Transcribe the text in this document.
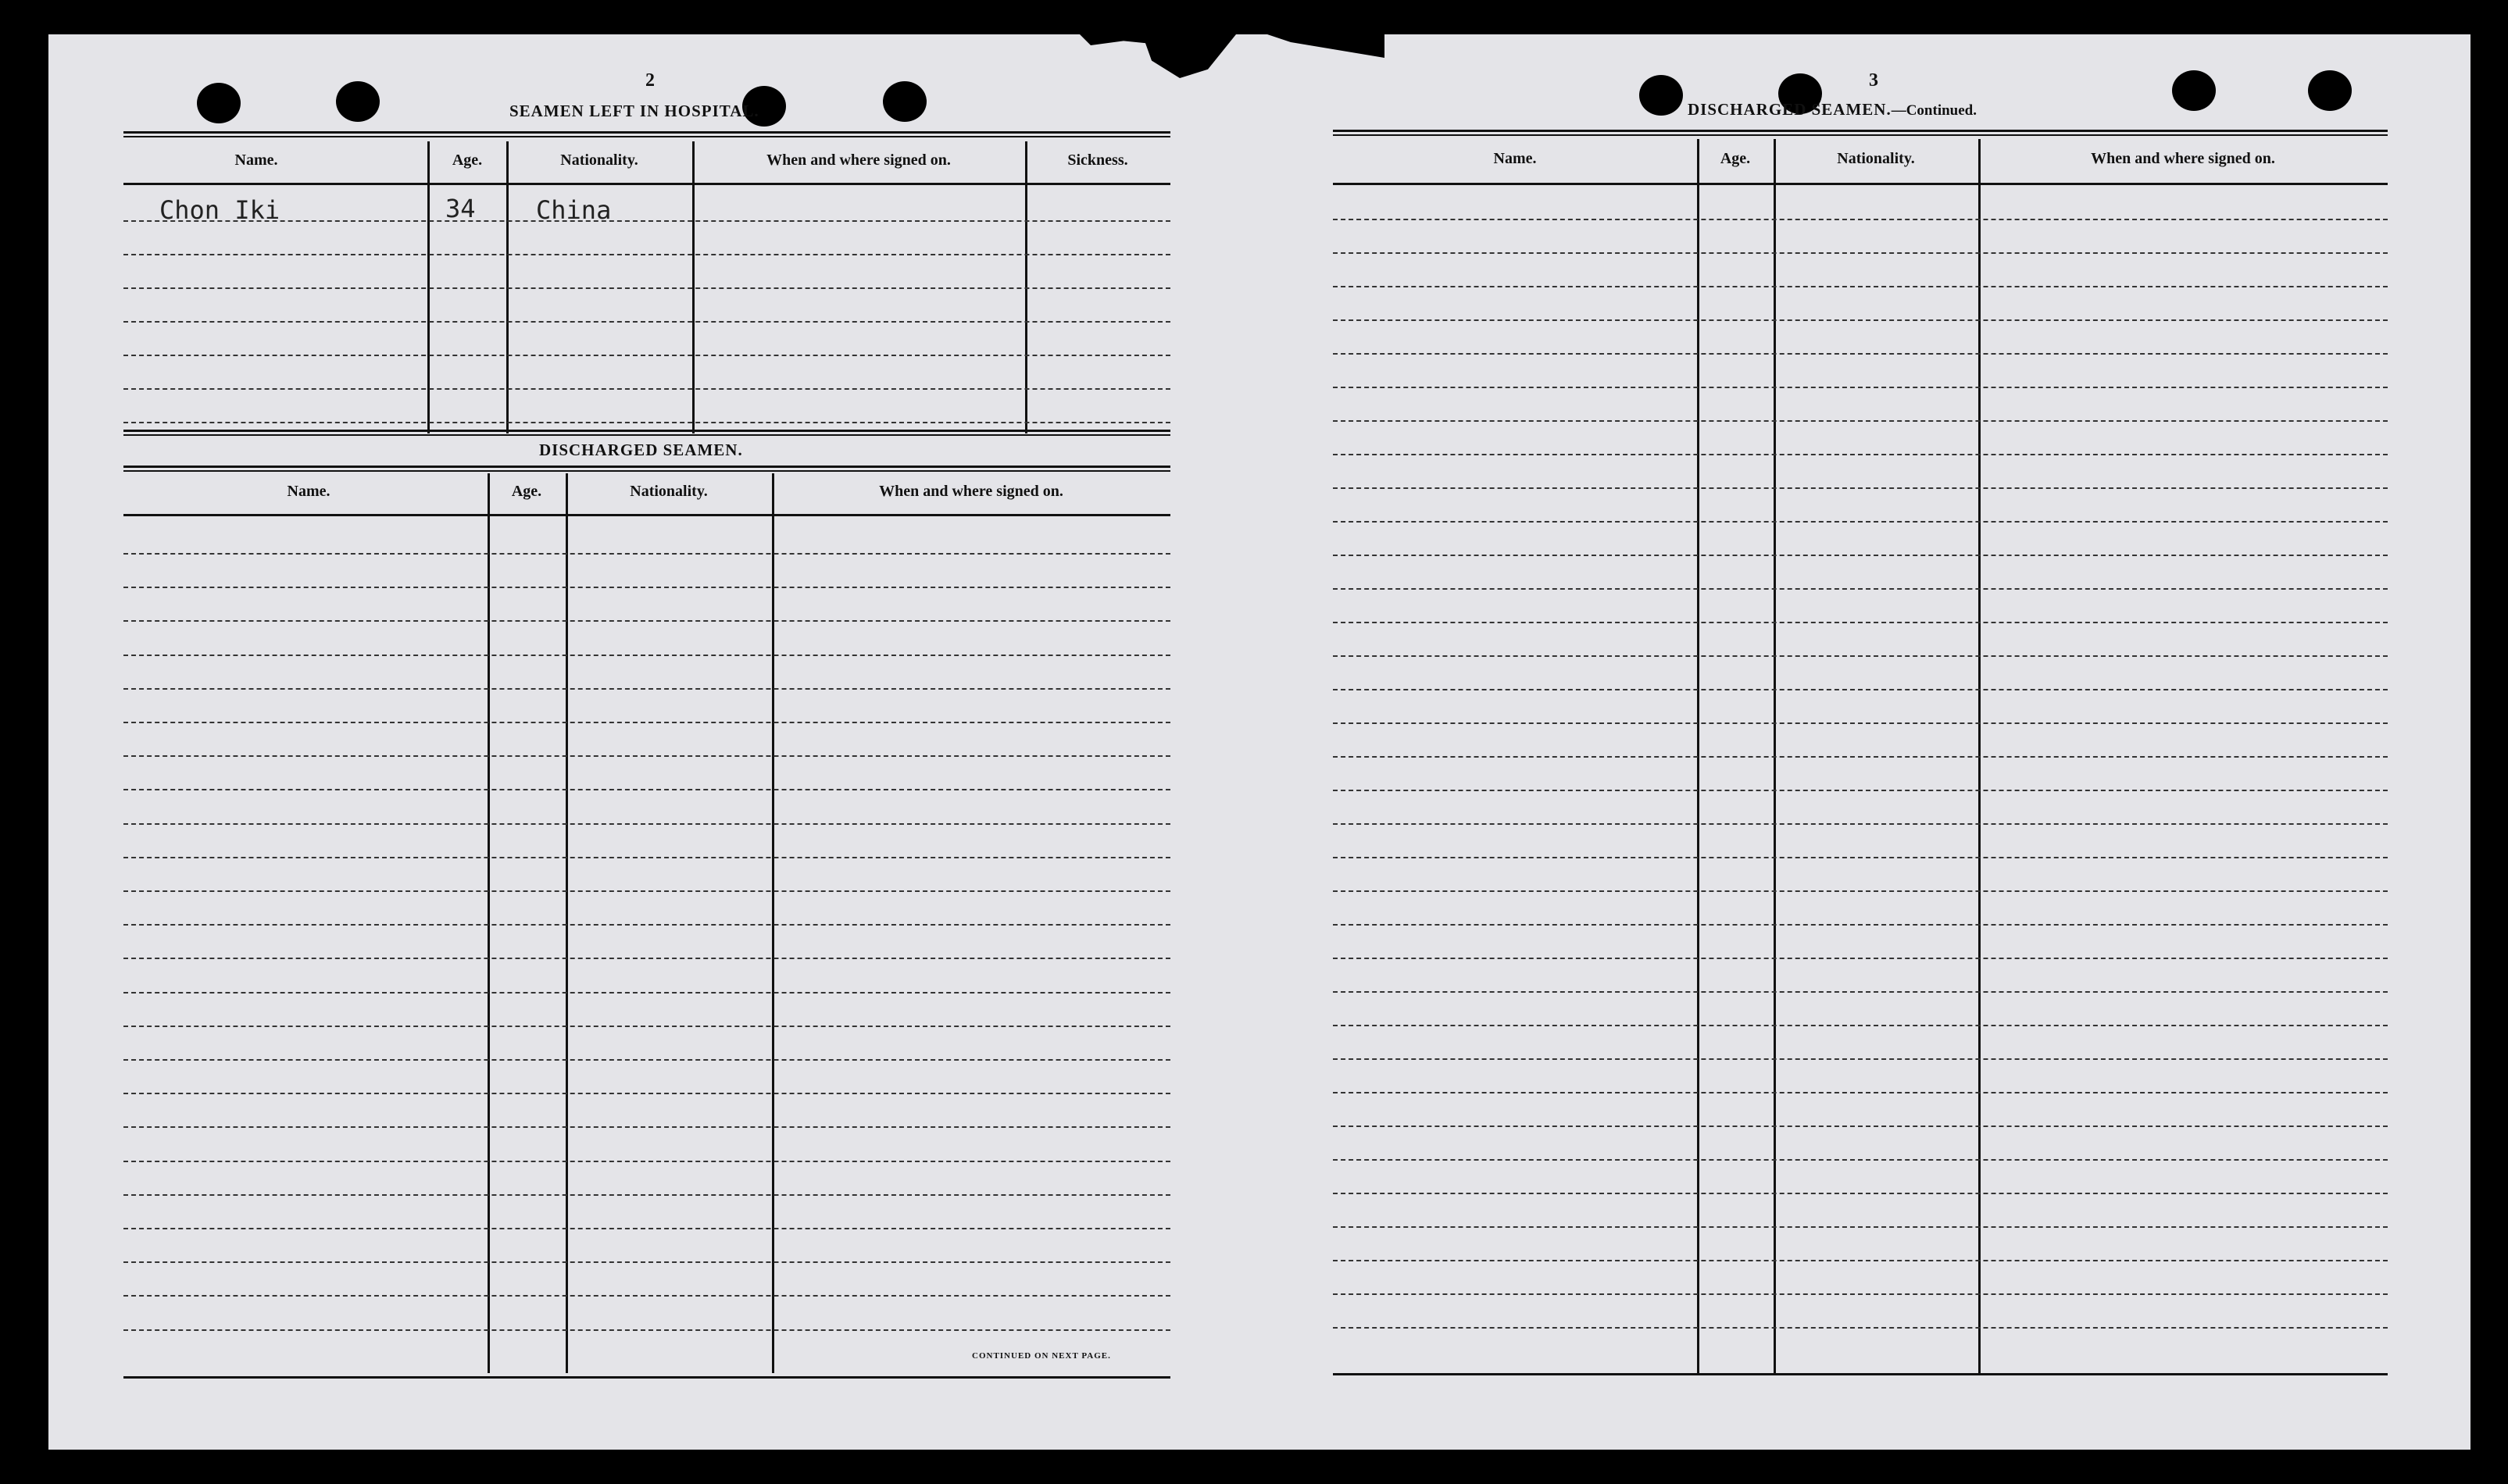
2
SEAMEN LEFT IN HOSPITAL.
Name.	Age.	Nationality.	When and where signed on.	Sickness.
Chon Iki	34 China
DISCHARGED SEAMEN.
Name.	Age.	Nationality.	When and where signed on.
CONTINUED ON NEXT PAGE.
3
DISCHARGED SEAMEN.—Continued.
Name.	Age.	Nationality.	When and where signed on.
